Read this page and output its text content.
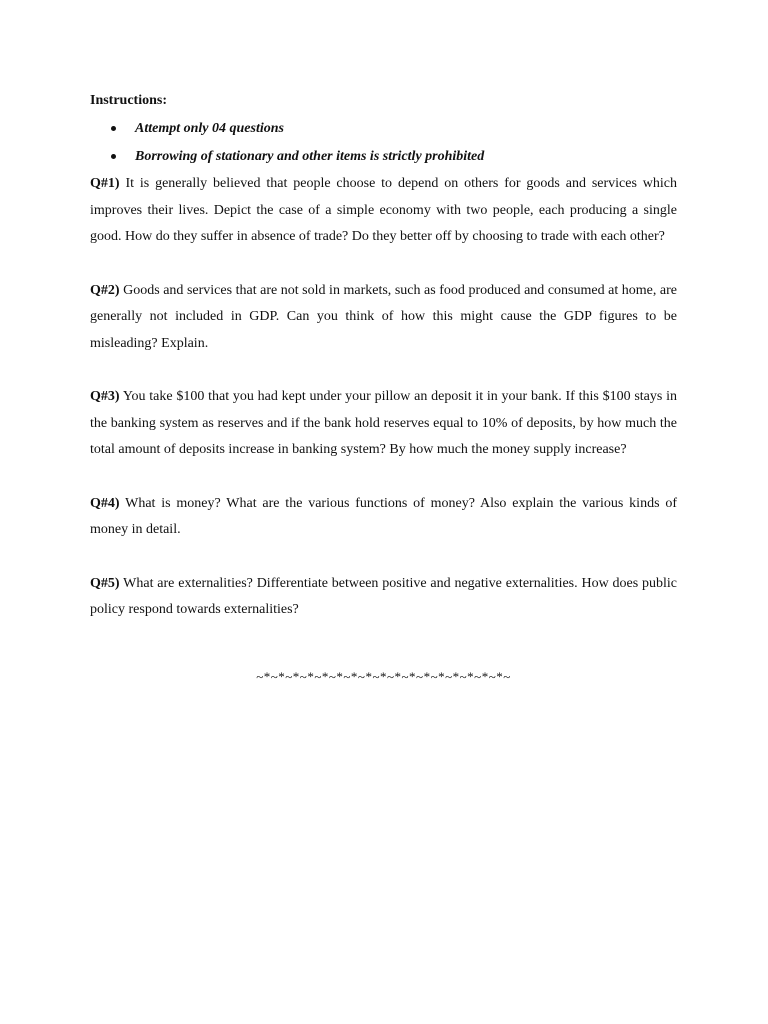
Instructions:

Attempt only 04 questions
Borrowing of stationary and other items is strictly prohibited

Q#1) It is generally believed that people choose to depend on others for goods and services which improves their lives. Depict the case of a simple economy with two people, each producing a single good. How do they suffer in absence of trade? Do they better off by choosing to trade with each other?

Q#2) Goods and services that are not sold in markets, such as food produced and consumed at home, are generally not included in GDP. Can you think of how this might cause the GDP figures to be misleading? Explain.

Q#3) You take $100 that you had kept under your pillow an deposit it in your bank. If this $100 stays in the banking system as reserves and if the bank hold reserves equal to 10% of deposits, by how much the total amount of deposits increase in banking system? By how much the money supply increase?

Q#4) What is money? What are the various functions of money? Also explain the various kinds of money in detail.

Q#5) What are externalities? Differentiate between positive and negative externalities. How does public policy respond towards externalities?

~*~*~*~*~*~*~*~*~*~*~*~*~*~*~*~*~*~
